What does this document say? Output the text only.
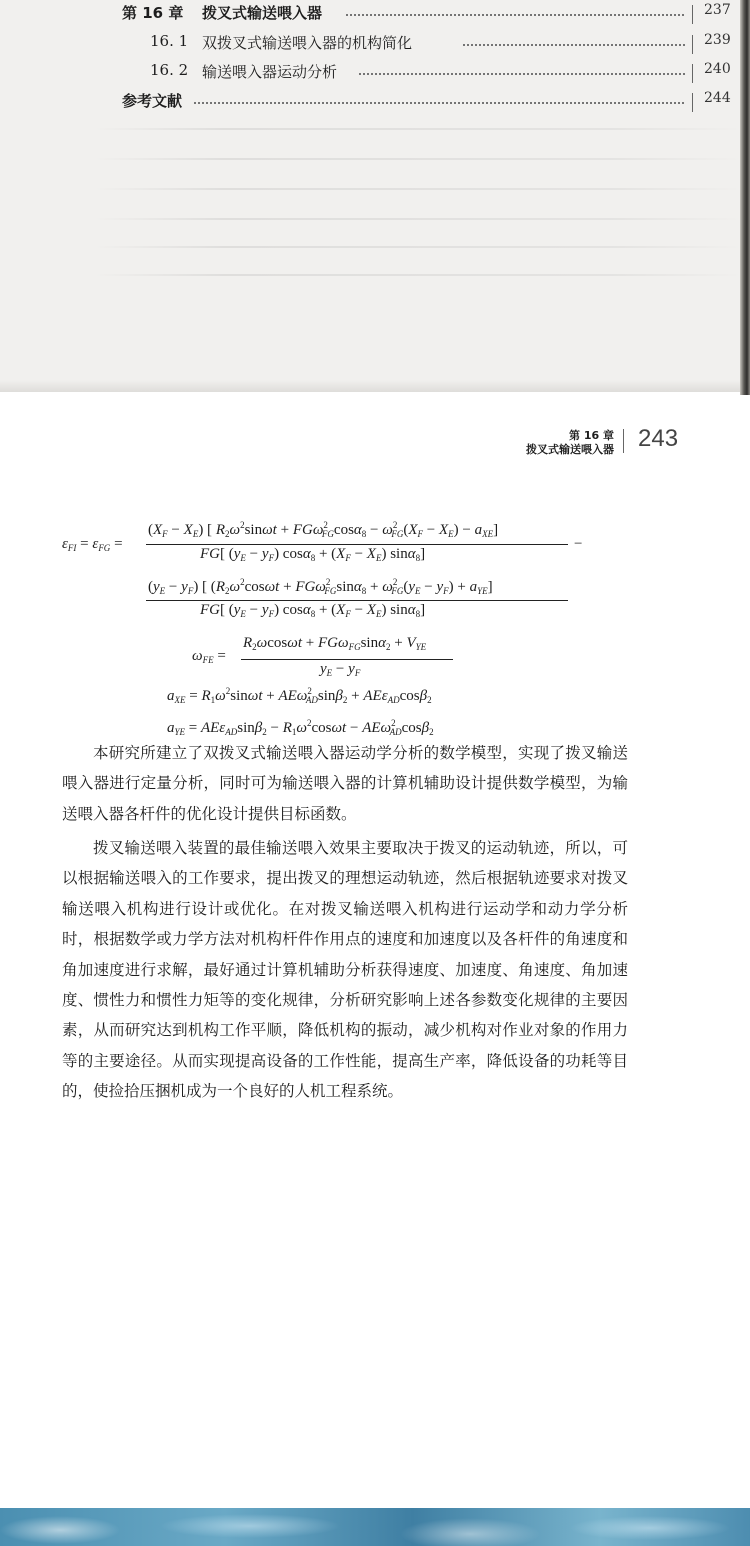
第 16 章 拨叉式输送喂入器	237
16. 1 双拨叉式输送喂入器的机构简化	239
16. 2 输送喂入器运动分析	240
参考文献	244
第 16 章
拨叉式输送喂入器 243
$\varepsilon_{FI} = \varepsilon_{FG}$ =
$(X_F - X_E)$ [ $R_2\omega^2\sin\omega t + FG\omega^2_{FG}\cos\alpha_8 - \omega^2_{FG}(X_F - X_E) - a_{XE}$]
FG[ $(y_E - y_F) \cos\alpha_8 + (X_F - X_E)$ sinα$_8$]
−
$(y_E - y_F)$ [ $(R_2\omega^2\cos\omega t + FG\omega^2_{FG}\sin\alpha_8 + \omega^2_{FG}(y_E - y_F) + a_{YE}]$
FG[ $(y_E - y_F) \cos\alpha_8 + (X_F - X_E)$ sinα$_8$]
$\omega_{FE}$ =
$R_2\omega\cos\omega t + FG\omega_{FG}\sin\alpha_2 + V_{YE}$
$y_E - y_F$
$a_{XE} = R_1\omega^2\sin\omega t + AE\omega^2_{AD}\sin\beta_2 + AE\varepsilon_{AD}\cos\beta_2$
$a_{YE} = AE\varepsilon_{AD}\sin\beta_2 - R_1\omega^2\cos\omega t - AE\omega^2_{AD}\cos\beta_2$

本研究所建立了双拨叉式输送喂入器运动学分析的数学模型，实现了拨叉输送喂入器进行定量分析，同时可为输送喂入器的计算机辅助设计提供数学模型，为输送喂入器各杆件的优化设计提供目标函数。

拨叉输送喂入装置的最佳输送喂入效果主要取决于拨叉的运动轨迹，所以，可以根据输送喂入的工作要求，提出拨叉的理想运动轨迹，然后根据轨迹要求对拨叉输送喂入机构进行设计或优化。在对拨叉输送喂入机构进行运动学和动力学分析时，根据数学或力学方法对机构杆件作用点的速度和加速度以及各杆件的角速度和角加速度进行求解，最好通过计算机辅助分析获得速度、加速度、角速度、角加速度、惯性力和惯性力矩等的变化规律，分析研究影响上述各参数变化规律的主要因素，从而研究达到机构工作平顺，降低机构的振动，减少机构对作业对象的作用力等的主要途径。从而实现提高设备的工作性能，提高生产率，降低设备的功耗等目的，使捡拾压捆机成为一个良好的人机工程系统。
